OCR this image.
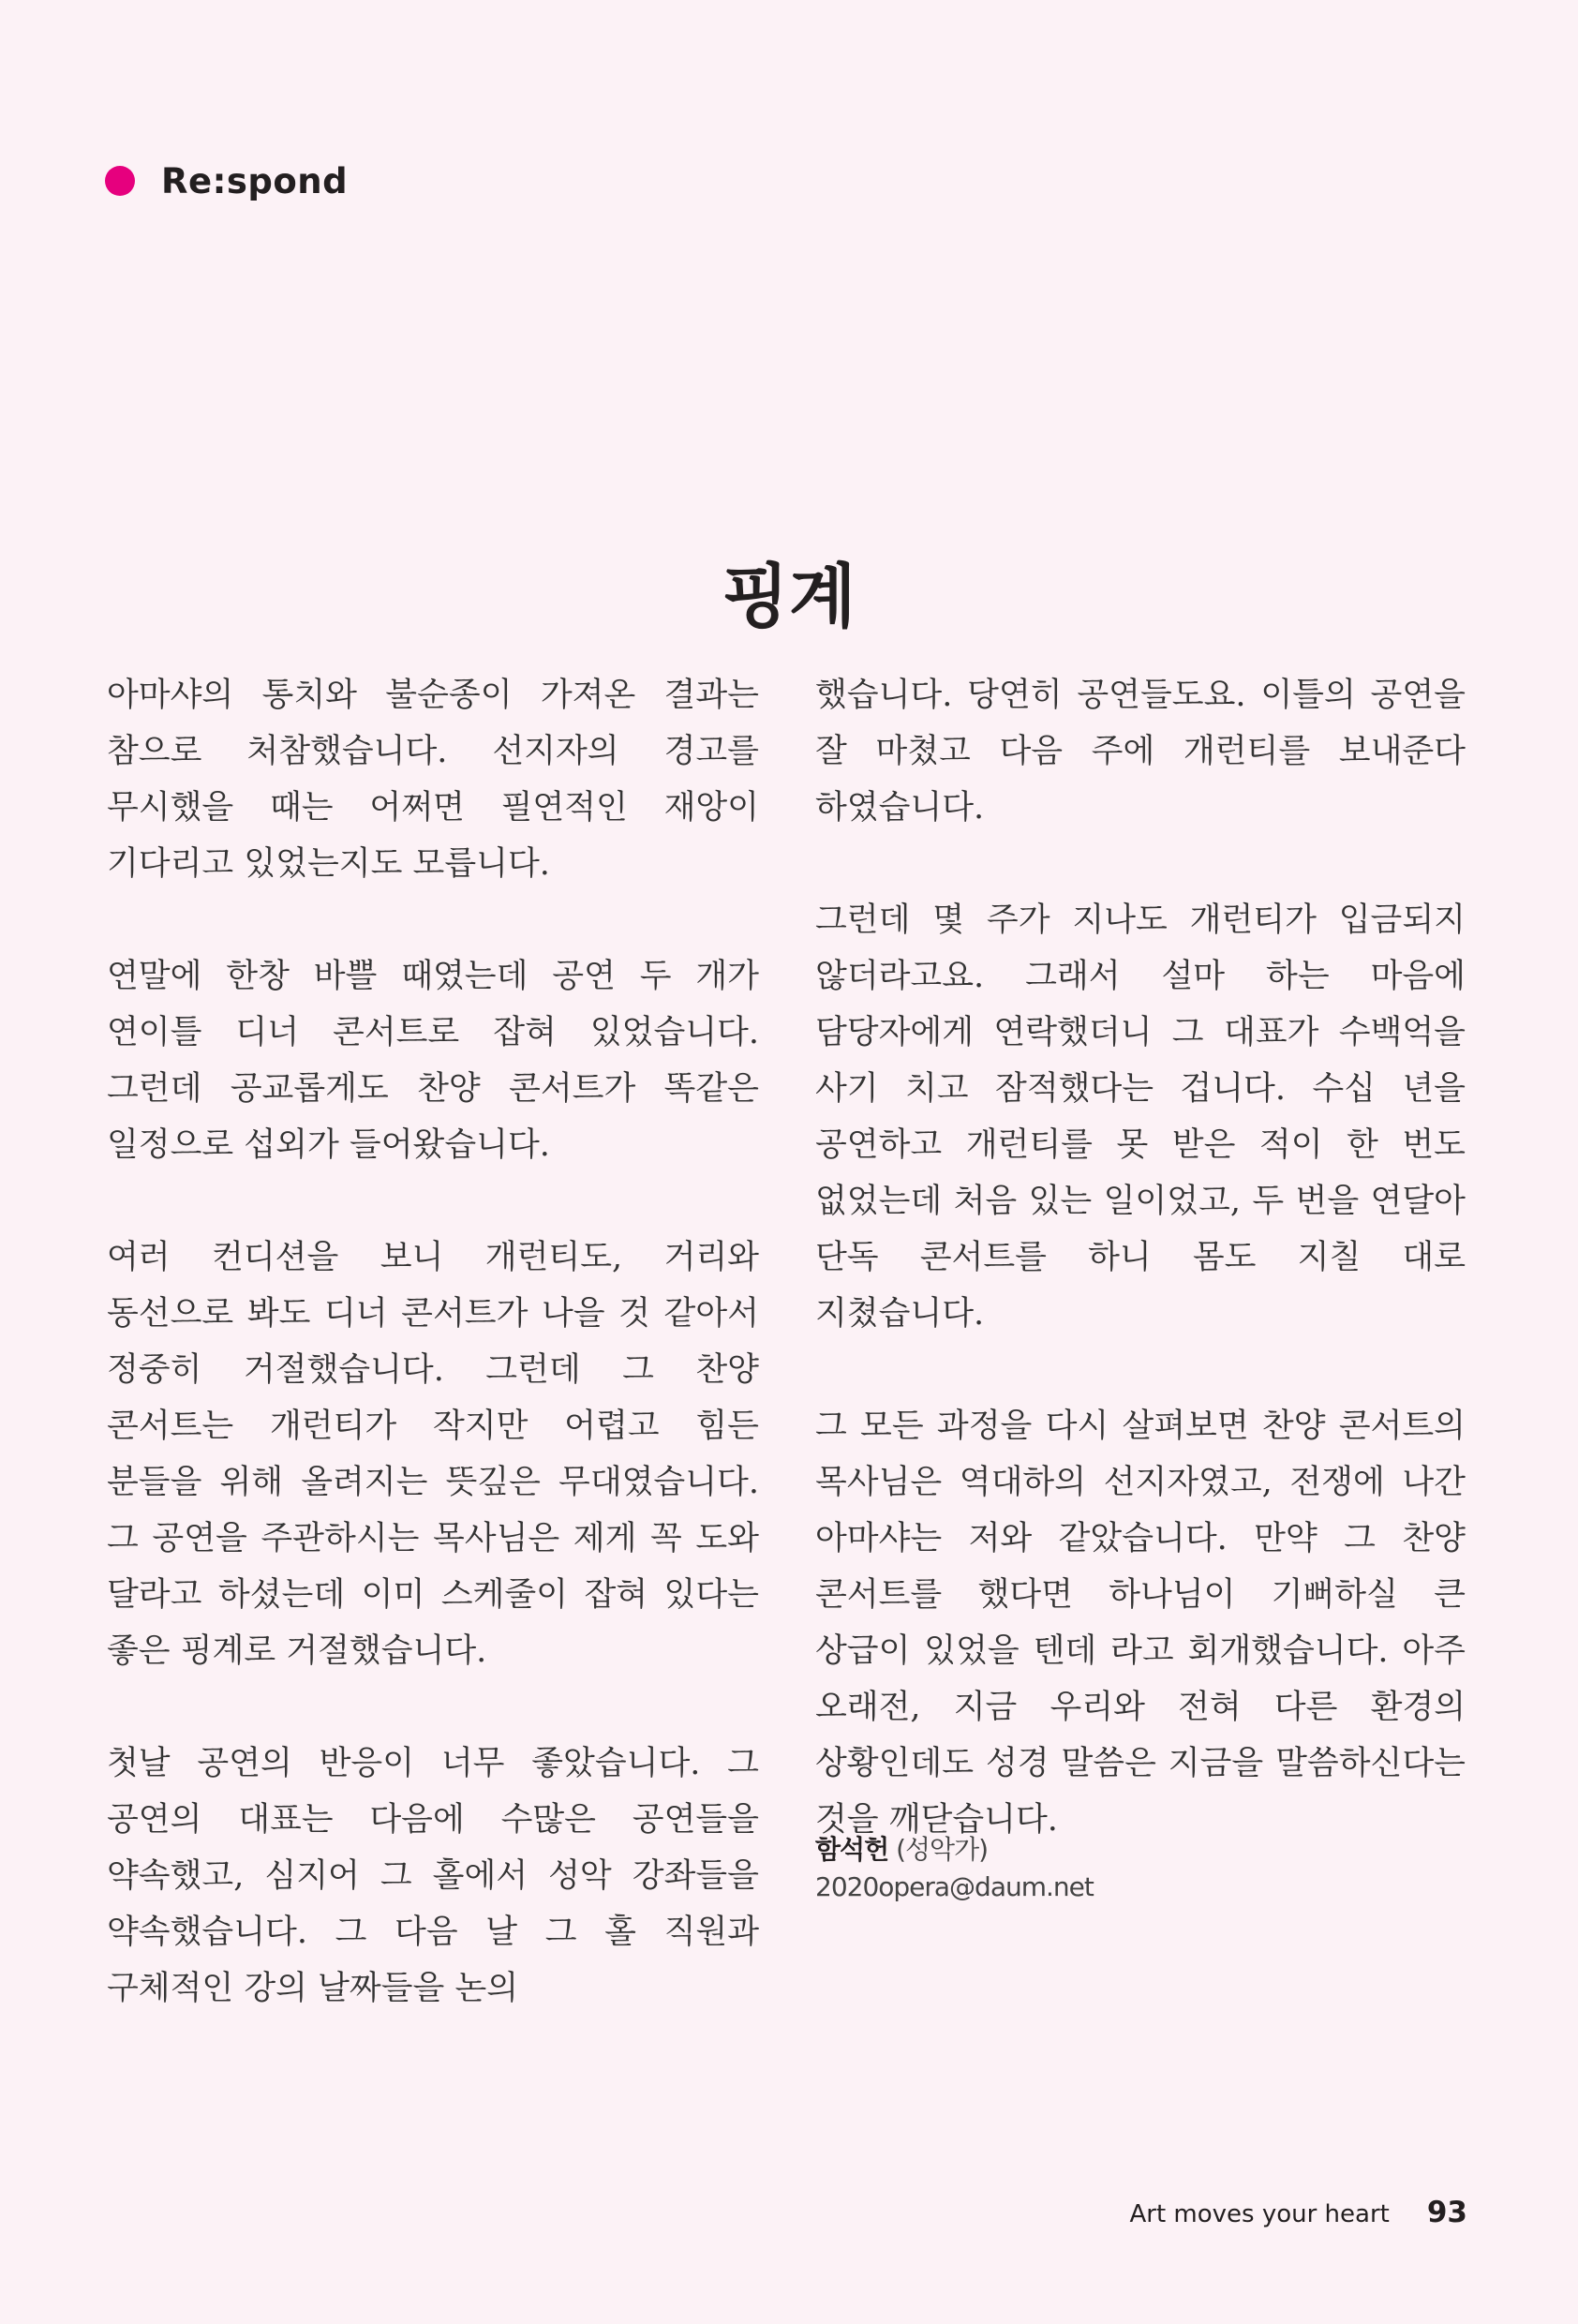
Re:spond
핑계

아마샤의 통치와 불순종이 가져온 결과는 참으로 처참했습니다. 선지자의 경고를 무시했을 때는 어쩌면 필연적인 재앙이 기다리고 있었는지도 모릅니다.

연말에 한창 바쁠 때였는데 공연 두 개가 연이틀 디너 콘서트로 잡혀 있었습니다. 그런데 공교롭게도 찬양 콘서트가 똑같은 일정으로 섭외가 들어왔습니다.

여러 컨디션을 보니 개런티도, 거리와 동선으로 봐도 디너 콘서트가 나을 것 같아서 정중히 거절했습니다. 그런데 그 찬양 콘서트는 개런티가 작지만 어렵고 힘든 분들을 위해 올려지는 뜻깊은 무대였습니다. 그 공연을 주관하시는 목사님은 제게 꼭 도와 달라고 하셨는데 이미 스케줄이 잡혀 있다는 좋은 핑계로 거절했습니다.

첫날 공연의 반응이 너무 좋았습니다. 그 공연의 대표는 다음에 수많은 공연들을 약속했고, 심지어 그 홀에서 성악 강좌들을 약속했습니다. 그 다음 날 그 홀 직원과 구체적인 강의 날짜들을 논의

했습니다. 당연히 공연들도요. 이틀의 공연을 잘 마쳤고 다음 주에 개런티를 보내준다 하였습니다.

그런데 몇 주가 지나도 개런티가 입금되지 않더라고요. 그래서 설마 하는 마음에 담당자에게 연락했더니 그 대표가 수백억을 사기 치고 잠적했다는 겁니다. 수십 년을 공연하고 개런티를 못 받은 적이 한 번도 없었는데 처음 있는 일이었고, 두 번을 연달아 단독 콘서트를 하니 몸도 지칠 대로 지쳤습니다.

그 모든 과정을 다시 살펴보면 찬양 콘서트의 목사님은 역대하의 선지자였고, 전쟁에 나간 아마샤는 저와 같았습니다. 만약 그 찬양 콘서트를 했다면 하나님이 기뻐하실 큰 상급이 있었을 텐데 라고 회개했습니다. 아주 오래전, 지금 우리와 전혀 다른 환경의 상황인데도 성경 말씀은 지금을 말씀하신다는 것을 깨닫습니다.

함석헌 (성악가)
2020opera@daum.net
Art moves your heart 93
